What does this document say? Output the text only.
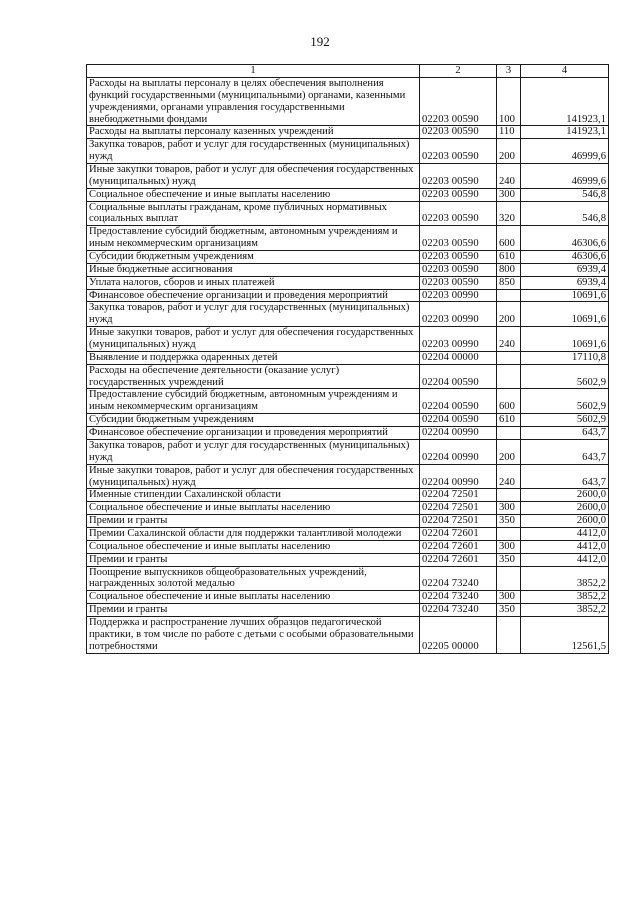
192
1	2	3	4
Расходы на выплаты персоналу в целях обеспечения выполнения функций государственными (муниципальными) органами, казенными учреждениями, органами управления государственными внебюджетными фондами	02203 00590	100	141923,1
Расходы на выплаты персоналу казенных учреждений	02203 00590	110	141923,1
Закупка товаров, работ и услуг для государственных (муниципальных) нужд	02203 00590	200	46999,6
Иные закупки товаров, работ и услуг для обеспечения государственных (муниципальных) нужд	02203 00590	240	46999,6
Социальное обеспечение и иные выплаты населению	02203 00590	300	546,8
Социальные выплаты гражданам, кроме публичных нормативных социальных выплат	02203 00590	320	546,8
Предоставление субсидий бюджетным, автономным учреждениям и иным некоммерческим организациям	02203 00590	600	46306,6
Субсидии бюджетным учреждениям	02203 00590	610	46306,6
Иные бюджетные ассигнования	02203 00590	800	6939,4
Уплата налогов, сборов и иных платежей	02203 00590	850	6939,4
Финансовое обеспечение организации и проведения мероприятий	02203 00990		10691,6
Закупка товаров, работ и услуг для государственных (муниципальных) нужд	02203 00990	200	10691,6
Иные закупки товаров, работ и услуг для обеспечения государственных (муниципальных) нужд	02203 00990	240	10691,6
Выявление и поддержка одаренных детей	02204 00000		17110,8
Расходы на обеспечение деятельности (оказание услуг) государственных учреждений	02204 00590		5602,9
Предоставление субсидий бюджетным, автономным учреждениям и иным некоммерческим организациям	02204 00590	600	5602,9
Субсидии бюджетным учреждениям	02204 00590	610	5602,9
Финансовое обеспечение организации и проведения мероприятий	02204 00990		643,7
Закупка товаров, работ и услуг для государственных (муниципальных) нужд	02204 00990	200	643,7
Иные закупки товаров, работ и услуг для обеспечения государственных (муниципальных) нужд	02204 00990	240	643,7
Именные стипендии Сахалинской области	02204 72501		2600,0
Социальное обеспечение и иные выплаты населению	02204 72501	300	2600,0
Премии и гранты	02204 72501	350	2600,0
Премии Сахалинской области для поддержки талантливой молодежи	02204 72601		4412,0
Социальное обеспечение и иные выплаты населению	02204 72601	300	4412,0
Премии и гранты	02204 72601	350	4412,0
Поощрение выпускников общеобразовательных учреждений, награжденных золотой медалью	02204 73240		3852,2
Социальное обеспечение и иные выплаты населению	02204 73240	300	3852,2
Премии и гранты	02204 73240	350	3852,2
Поддержка и распространение лучших образцов педагогической практики, в том числе по работе с детьми с особыми образовательными потребностями	02205 00000		12561,5
